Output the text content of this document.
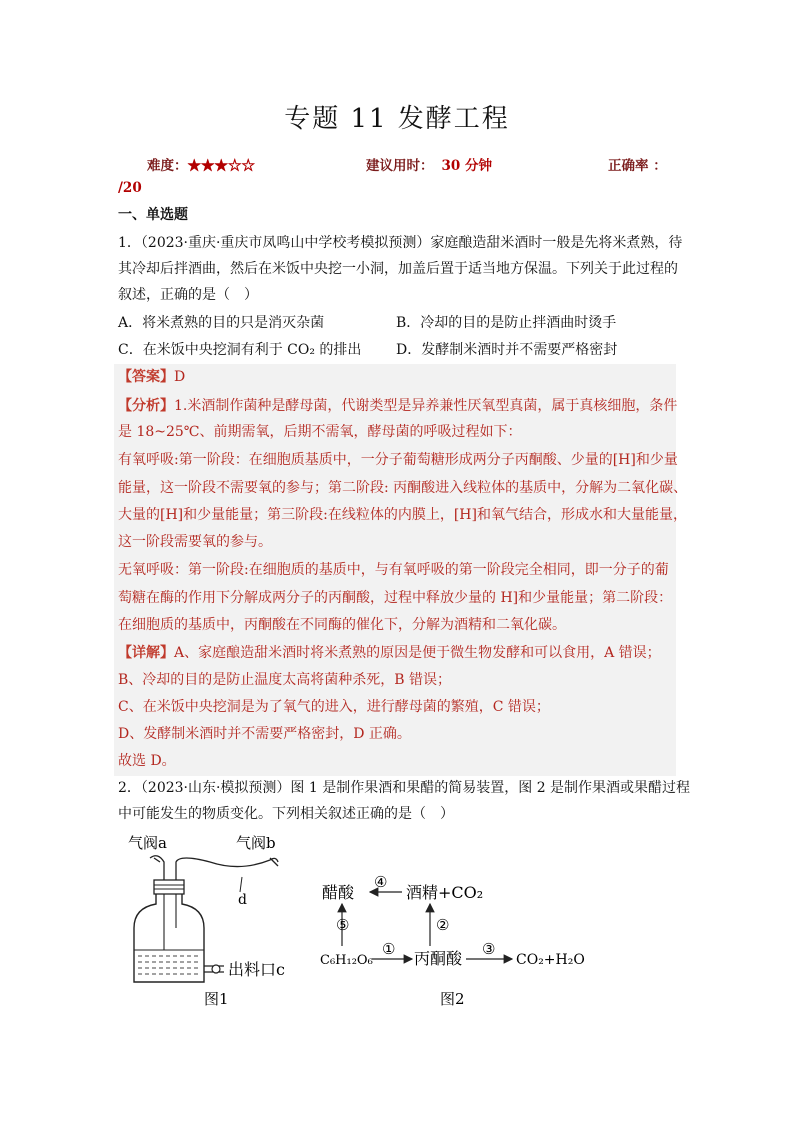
专题 11 发酵工程
难度：★★★☆☆	建议用时： 30 分钟	正确率 ：
/20
一、单选题
1．（2023·重庆·重庆市凤鸣山中学校考模拟预测）家庭酿造甜米酒时一般是先将米煮熟，待
其冷却后拌酒曲，然后在米饭中央挖一小洞，加盖后置于适当地方保温。下列关于此过程的
叙述，正确的是（　）
A．将米煮熟的目的只是消灭杂菌	B．冷却的目的是防止拌酒曲时烫手
C．在米饭中央挖洞有利于 CO₂ 的排出 D．发酵制米酒时并不需要严格密封
【答案】D
【分析】1.米酒制作菌种是酵母菌，代谢类型是异养兼性厌氧型真菌，属于真核细胞，条件
是 18~25℃、前期需氧，后期不需氧，酵母菌的呼吸过程如下：
有氧呼吸:第一阶段：在细胞质基质中，一分子葡萄糖形成两分子丙酮酸、少量的[H]和少量
能量，这一阶段不需要氧的参与；第二阶段: 丙酮酸进入线粒体的基质中，分解为二氧化碳、
大量的[H]和少量能量；第三阶段:在线粒体的内膜上，[H]和氧气结合，形成水和大量能量，
这一阶段需要氧的参与。
无氧呼吸：第一阶段:在细胞质的基质中，与有氧呼吸的第一阶段完全相同，即一分子的葡
萄糖在酶的作用下分解成两分子的丙酮酸，过程中释放少量的 H]和少量能量；第二阶段：
在细胞质的基质中，丙酮酸在不同酶的催化下，分解为酒精和二氧化碳。
【详解】A、家庭酿造甜米酒时将米煮熟的原因是便于微生物发酵和可以食用，A 错误；
B、冷却的目的是防止温度太高将菌种杀死，B 错误；
C、在米饭中央挖洞是为了氧气的进入，进行酵母菌的繁殖，C 错误；
D、发酵制米酒时并不需要严格密封，D 正确。
故选 D。
2．（2023·山东·模拟预测）图 1 是制作果酒和果醋的简易装置，图 2 是制作果酒或果醋过程
中可能发生的物质变化。下列相关叙述正确的是（　）
气阀a	气阀b
d
出料口c
图1
醋酸	酒精+CO₂
C₆H₁₂O₆	丙酮酸	CO₂+H₂O
④
⑤
①
②
③
图2
